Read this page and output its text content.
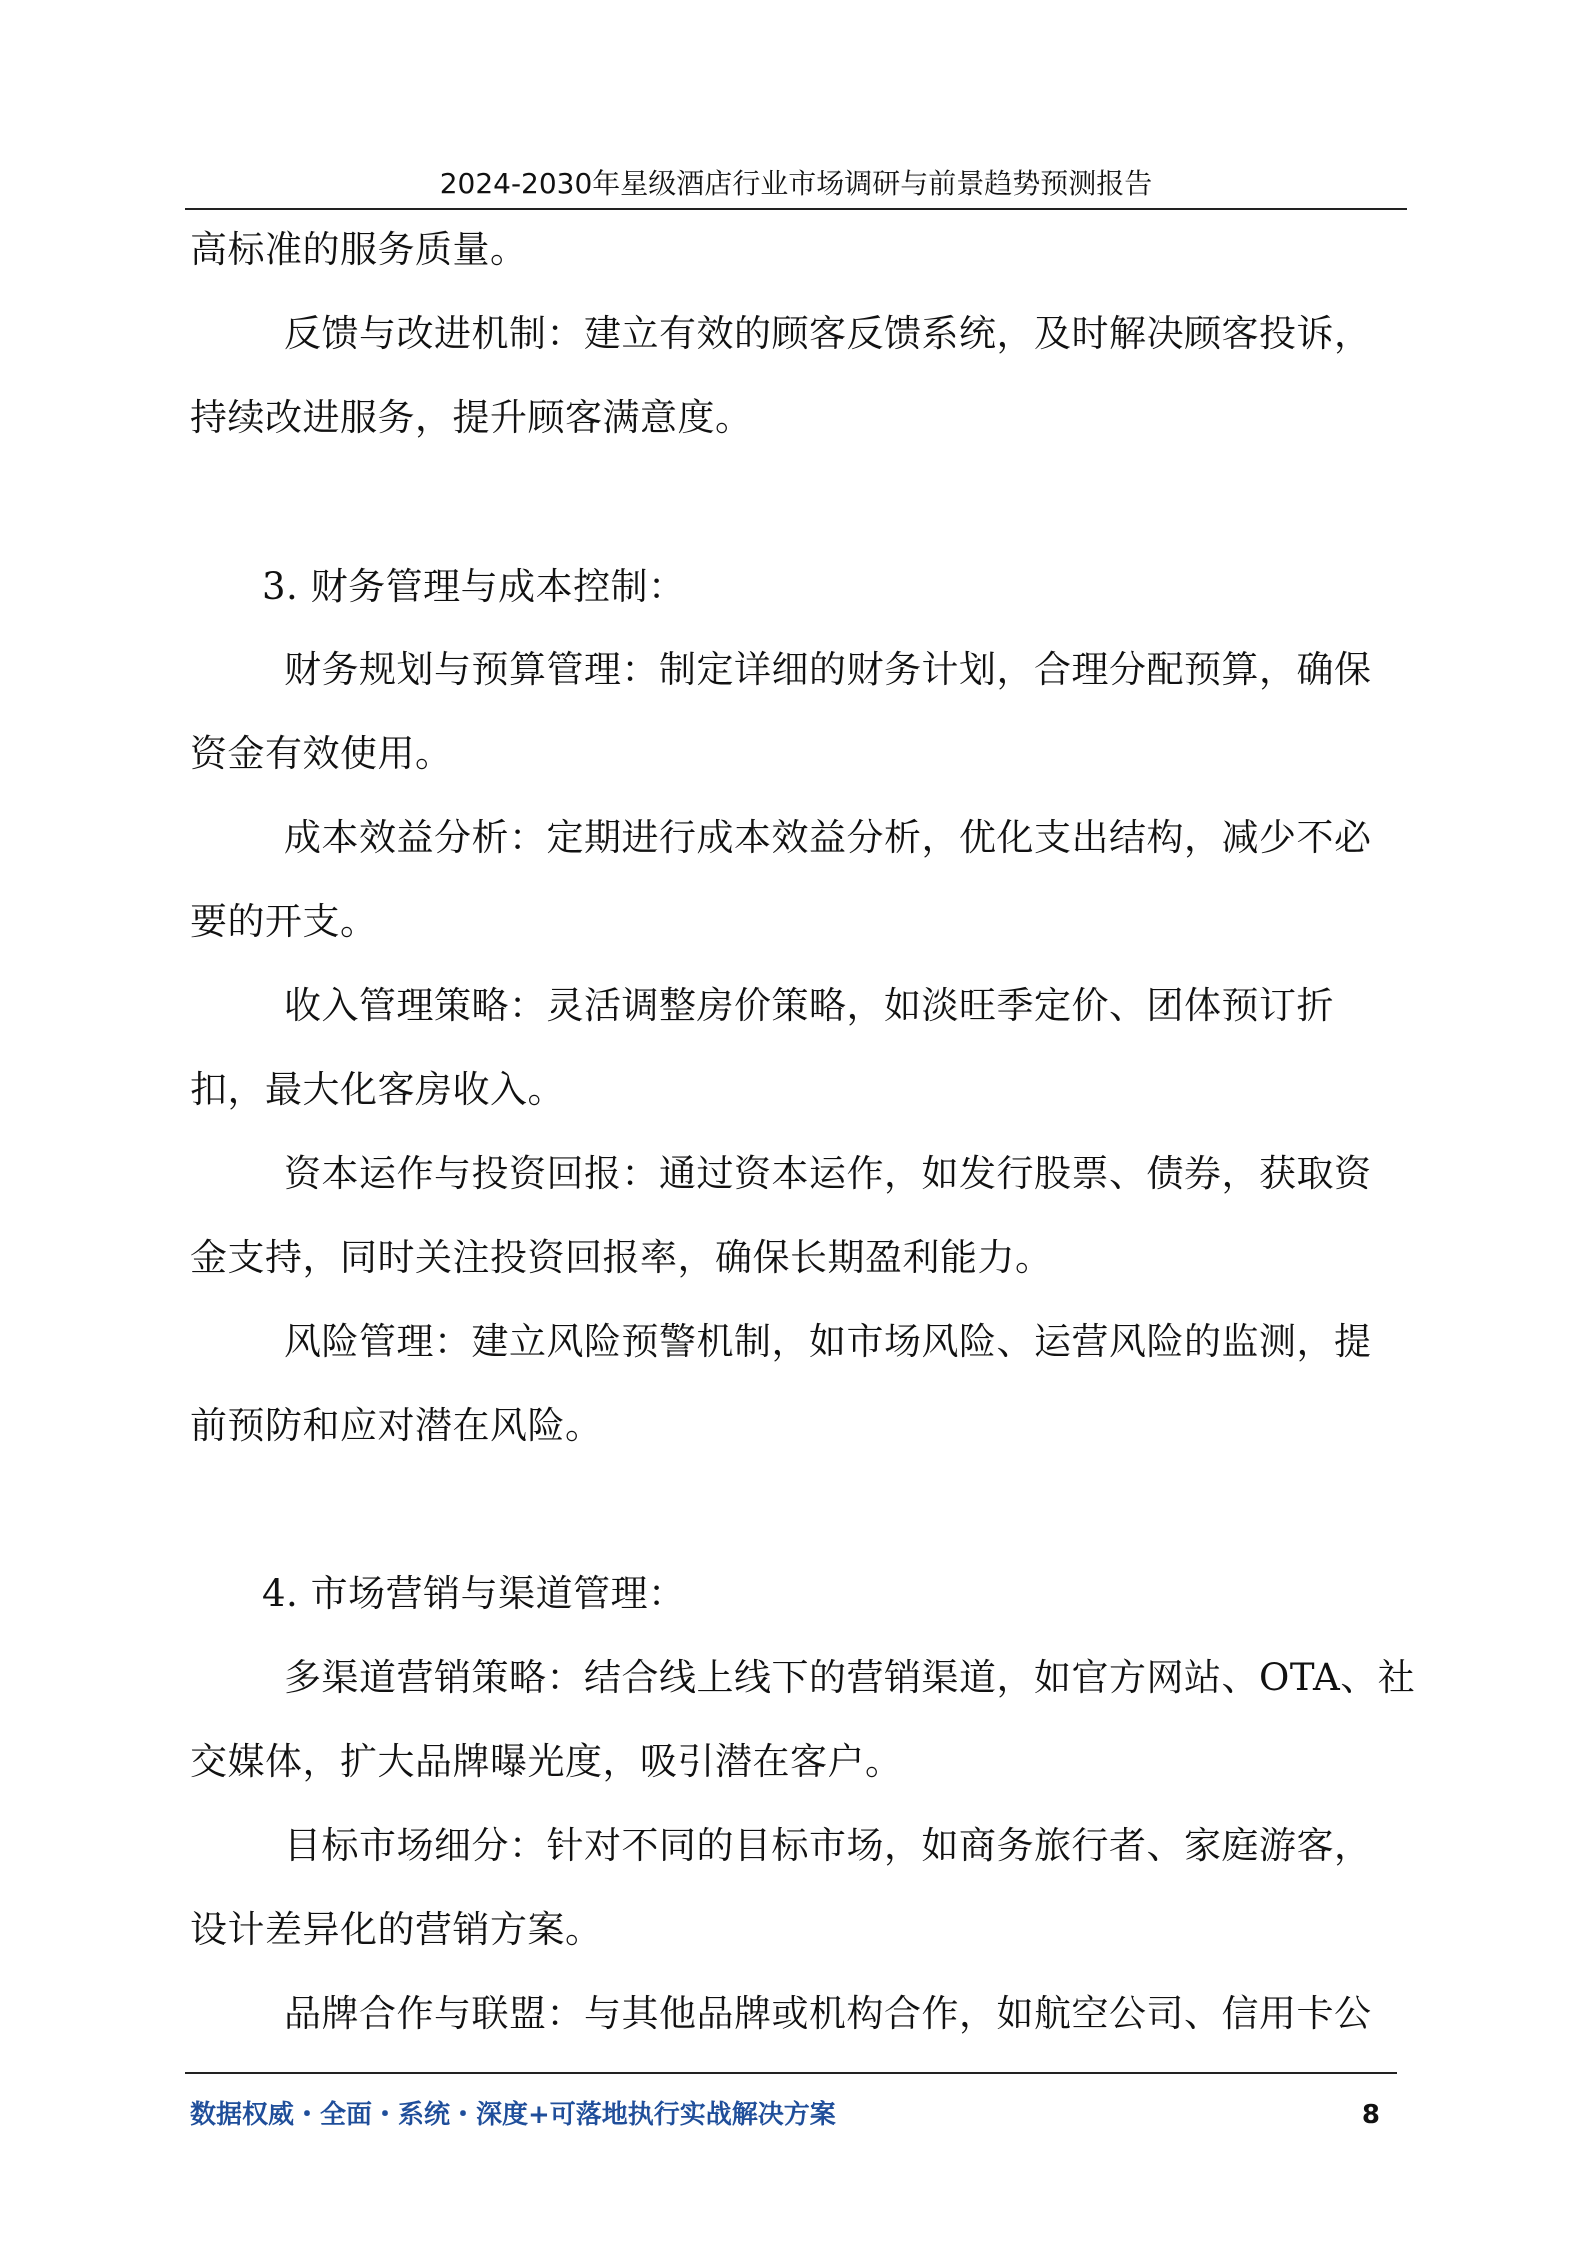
2024-2030年星级酒店行业市场调研与前景趋势预测报告
高标准的服务质量。
反馈与改进机制：建立有效的顾客反馈系统，及时解决顾客投诉，
持续改进服务，提升顾客满意度。
3. 财务管理与成本控制：
财务规划与预算管理：制定详细的财务计划，合理分配预算，确保
资金有效使用。
成本效益分析：定期进行成本效益分析，优化支出结构，减少不必
要的开支。
收入管理策略：灵活调整房价策略，如淡旺季定价、团体预订折
扣，最大化客房收入。
资本运作与投资回报：通过资本运作，如发行股票、债券，获取资
金支持，同时关注投资回报率，确保长期盈利能力。
风险管理：建立风险预警机制，如市场风险、运营风险的监测，提
前预防和应对潜在风险。
4. 市场营销与渠道管理：
多渠道营销策略：结合线上线下的营销渠道，如官方网站、OTA、社
交媒体，扩大品牌曝光度，吸引潜在客户。
目标市场细分：针对不同的目标市场，如商务旅行者、家庭游客，
设计差异化的营销方案。
品牌合作与联盟：与其他品牌或机构合作，如航空公司、信用卡公
数据权威・全面・系统・深度+可落地执行实战解决方案	8
